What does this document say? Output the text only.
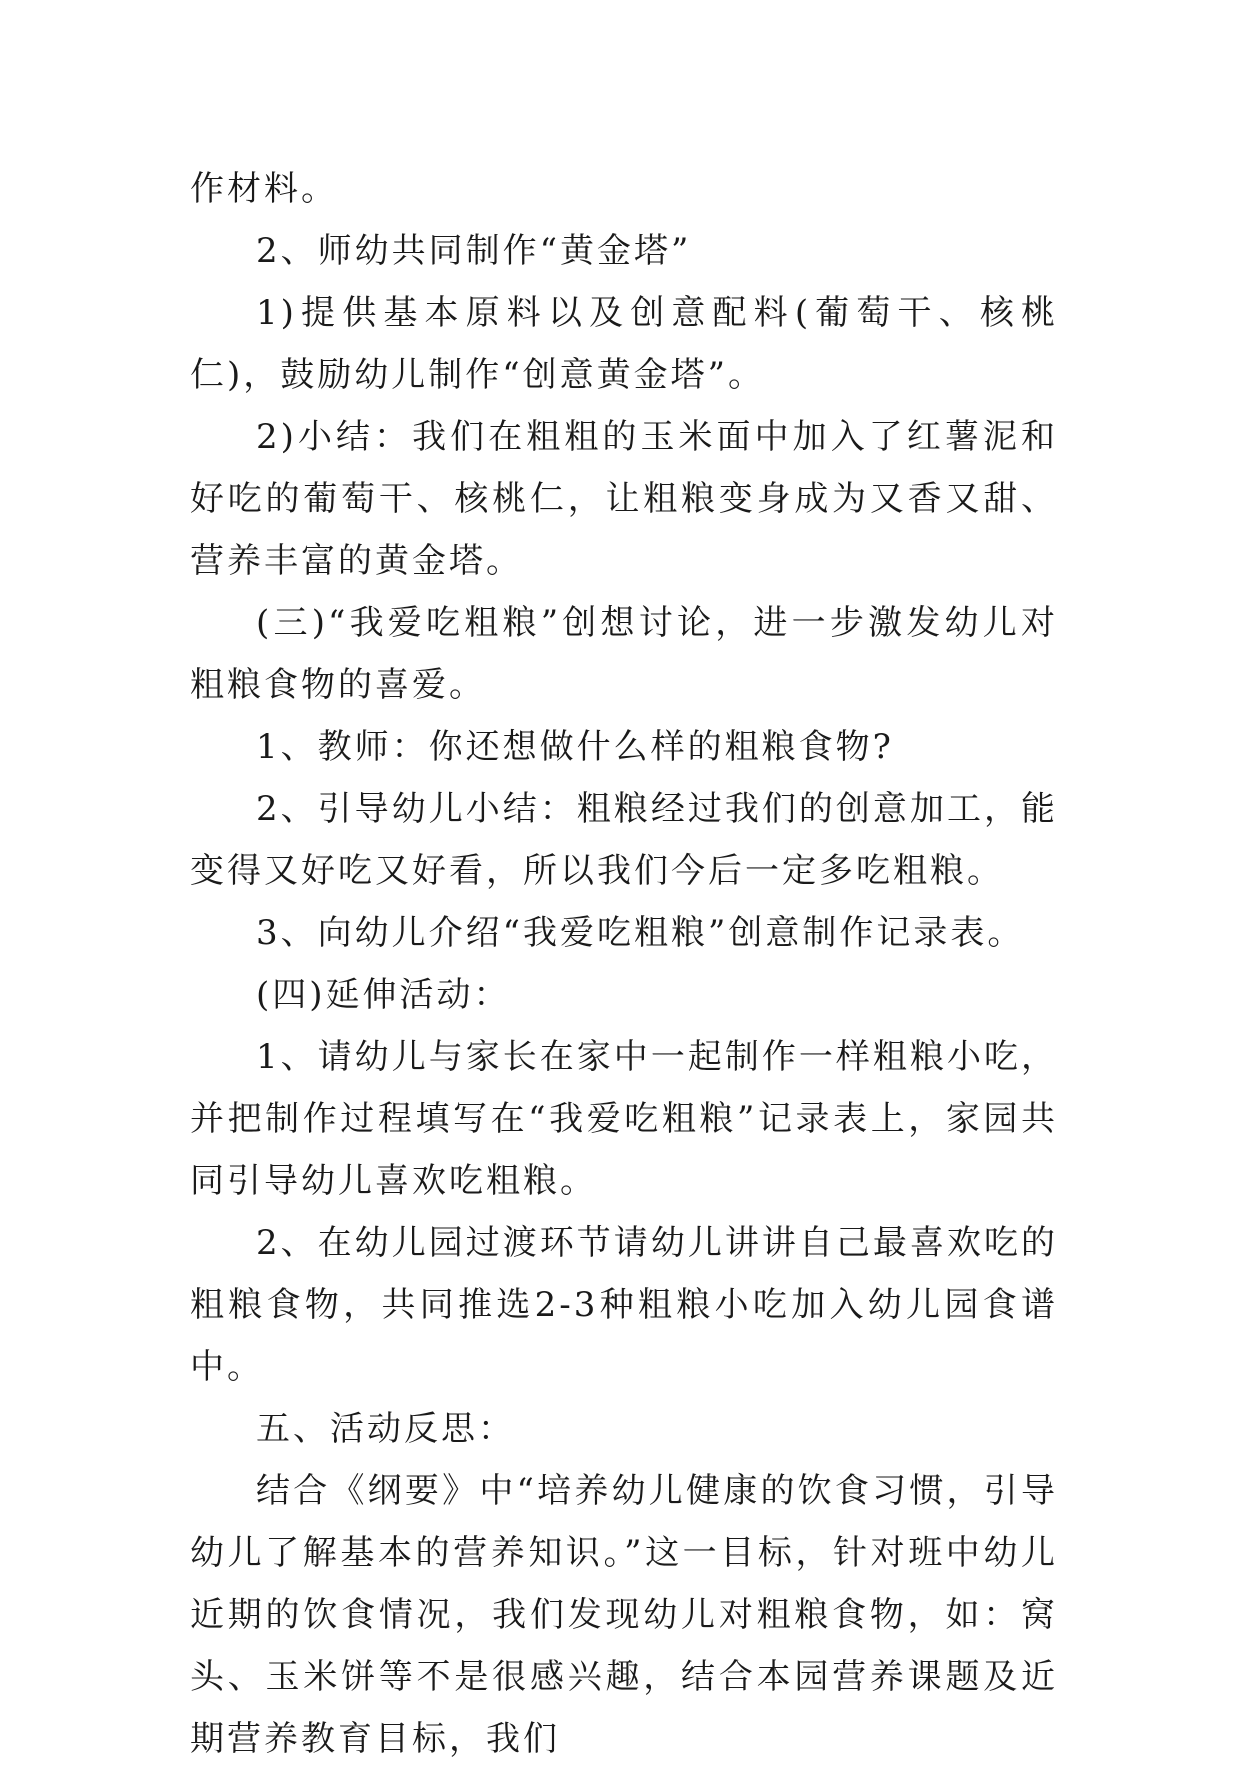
作材料。

2、师幼共同制作“黄金塔”

1)提供基本原料以及创意配料(葡萄干、核桃仁)，鼓励幼儿制作“创意黄金塔”。

2)小结：我们在粗粗的玉米面中加入了红薯泥和好吃的葡萄干、核桃仁，让粗粮变身成为又香又甜、营养丰富的黄金塔。

(三)“我爱吃粗粮”创想讨论，进一步激发幼儿对粗粮食物的喜爱。

1、教师：你还想做什么样的粗粮食物?

2、引导幼儿小结：粗粮经过我们的创意加工，能变得又好吃又好看，所以我们今后一定多吃粗粮。

3、向幼儿介绍“我爱吃粗粮”创意制作记录表。

(四)延伸活动：

1、请幼儿与家长在家中一起制作一样粗粮小吃，并把制作过程填写在“我爱吃粗粮”记录表上，家园共同引导幼儿喜欢吃粗粮。

2、在幼儿园过渡环节请幼儿讲讲自己最喜欢吃的粗粮食物，共同推选2-3种粗粮小吃加入幼儿园食谱中。

五、活动反思：

结合《纲要》中“培养幼儿健康的饮食习惯，引导幼儿了解基本的营养知识。”这一目标，针对班中幼儿近期的饮食情况，我们发现幼儿对粗粮食物，如：窝头、玉米饼等不是很感兴趣，结合本园营养课题及近期营养教育目标，我们
